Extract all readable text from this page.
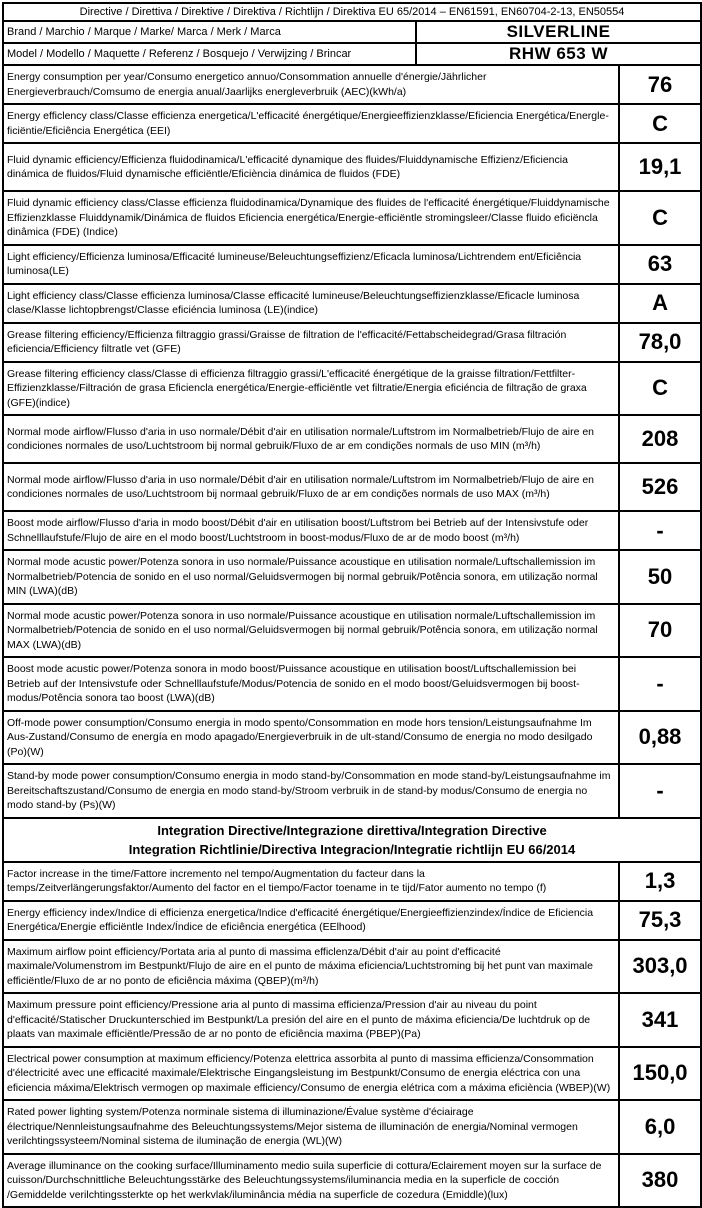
Directive / Direttiva / Direktive / Direktiva / Richtlijn / Direktiva EU 65/2014 – EN61591, EN60704-2-13, EN50554		
Brand / Marchio / Marque / Marke/ Marca / Merk / Marca	SILVERLINE	
Model / Modello / Maquette / Referenz / Bosquejo / Verwijzing / Brincar	RHW 653 W	
Energy consumption per year/Consumo energetico annuo/Consommation annuelle d'énergie/Jährlicher Energieverbrauch/Comsumo de energia anual/Jaarlijks energleverbruik (AEC)(kWh/a)		76
Energy efficlency class/Classe efficienza energetica/L'efficacité énergétique/Energieeffizienzklasse/Eficiencia Energética/Energle-ficiëntie/Eficiência Energética (EEI)		C
Fluid dynamic efficiency/Efficienza fluidodinamica/L'efficacité dynamique des fluides/Fluiddynamische Effizienz/Eficiencia dinámica de fluidos/Fluid dynamische efficiëntle/Eficiència dinámica de fluidos (FDE)		19,1
Fluid dynamic efficiency class/Classe efficienza fluidodinamica/Dynamique des fluides de l'efficacité énergétique/Fluiddynamische Effizienzklasse Fluiddynamik/Dinámica de fluidos Eficiencia energética/Energie-efficiëntle stromingsleer/Classe fluido eficiëncla dinâmica (FDE) (Indice)		C
Light efficiency/Efficienza luminosa/Efficacité lumineuse/Beleuchtungseffizienz/Eficacla luminosa/Lichtrendem ent/Eficiência luminosa(LE)		63
Light efficiency class/Classe efficienza luminosa/Classe efficacité lumineuse/Beleuchtungseffizienzklasse/Eficacle luminosa clase/Klasse lichtopbrengst/Classe eficiéncia luminosa (LE)(indice)		A
Grease filtering efficiency/Efficienza filtraggio grassi/Graisse de filtration de l'efficacité/Fettabscheidegrad/Grasa filtración eficiencia/Efficiency filtratle vet (GFE)		78,0
Grease filtering efficiency class/Classe di efficienza filtraggio grassi/L'efficacité énergétique de la graisse filtration/Fettfilter-Effizienzklasse/Filtración de grasa Eficiencla energética/Energie-efficiëntle vet filtratie/Energia eficiéncia de filtração de graxa (GFE)(indice)		C
Normal mode airflow/Flusso d'aria in uso normale/Débit d'air en utilisation normale/Luftstrom im Normalbetrieb/Flujo de aire en condiciones normales de uso/Luchtstroom bij normal gebruik/Fluxo de ar em condições normals de uso MIN (m³/h)		208
Normal mode airflow/Flusso d'aria in uso normale/Débit d'air en utilisation normale/Luftstrom im Normalbetrieb/Flujo de aire en condiciones normales de uso/Luchtstroom bij normaal gebruik/Fluxo de ar em condições normals de uso MAX (m³/h)		526
Boost mode airflow/Flusso d'aria in modo boost/Débit d'air en utilisation boost/Luftstrom bei Betrieb auf der Intensivstufe oder Schnelllaufstufe/Flujo de aire en el modo boost/Luchtstroom in boost-modus/Fluxo de ar de modo boost (m³/h)		-
Normal mode acustic power/Potenza sonora in uso normale/Puissance acoustique en utilisation normale/Luftschallemission im Normalbetrieb/Potencia de sonido en el uso normal/Geluidsvermogen bij normal gebruik/Potência sonora, em utilização normal MIN (LWA)(dB)		50
Normal mode acustic power/Potenza sonora in uso normale/Puissance acoustique en utilisation normale/Luftschallemission im Normalbetrieb/Potencia de sonido en el uso normal/Geluidsvermogen bij normal gebruik/Potência sonora, em utilização normal MAX (LWA)(dB)		70
Boost mode acustic power/Potenza sonora in modo boost/Puissance acoustique en utilisation boost/Luftschallemission bei Betrieb auf der Intensivstufe oder Schnelllaufstufe/Modus/Potencia de sonido en el modo boost/Geluidsvermogen bij boost-modus/Potência sonora tao boost (LWA)(dB)		-
Off-mode power consumption/Consumo energia in modo spento/Consommation en mode hors tension/Leistungsaufnahme Im Aus-Zustand/Consumo de energía en modo apagado/Energieverbruik in de ult-stand/Consumo de energia no modo desilgado (Po)(W)		0,88
Stand-by mode power consumption/Consumo energia in modo stand-by/Consommation en mode stand-by/Leistungsaufnahme im Bereitschaftszustand/Consumo de energia en modo stand-by/Stroom verbruik in de stand-by modus/Consumo de energia no modo stand-by (Ps)(W)		-

Integration Directive/Integrazione direttiva/Integration Directive
Integration Richtlinie/Directiva Integracion/Integratie richtlijn EU 66/2014		

Factor increase in the time/Fattore incremento nel tempo/Augmentation du facteur dans la temps/Zeitverlängerungsfaktor/Aumento del factor en el tiempo/Factor toename in te tijd/Fator aumento no tempo (f)		1,3
Energy efficiency index/Indice di efficienza energetica/Indice d'efficacité énergétique/Energieeffizienzindex/Índice de Eficiencia Energética/Energie efficiëntle Index/Índice de eficiência energética (EElhood)		75,3
Maximum airflow point efficiency/Portata aria al punto di massima efficlenza/Débit d'air au point d'efficacité maximale/Volumenstrom im Bestpunkt/Flujo de aire en el punto de máxima eficiencia/Luchtstroming bij het punt van maximale efficiëntle/Fluxo de ar no ponto de eficiência máxima (QBEP)(m³/h)		303,0
Maximum pressure point efficiency/Pressione aria al punto di massima efficienza/Pression d'air au niveau du point d'efficacité/Statischer Druckunterschied im Bestpunkt/La presión del aire en el punto de máxima eficiencia/De luchtdruk op de plaats van maximale efficiëntle/Pressão de ar no ponto de eficiência maxima (PBEP)(Pa)		341
Electrical power consumption at maximum efficiency/Potenza elettrica assorbita al punto di massima efficienza/Consommation d'électricité avec une efficacité maximale/Elektrische Eingangsleistung im Bestpunkt/Consumo de energia eléctrica con una eficiencia máxima/Elektrisch vermogen op maximale efficiency/Consumo de energia elétrica com a máxima eficiència (WBEP)(W)		150,0
Rated power lighting system/Potenza norminale sistema di illuminazione/Évalue système d'éciairage électrique/Nennleistungsaufnahme des Beleuchtungssystems/Mejor sistema de illuminación de energia/Nominal vermogen verilchtingssysteem/Nominal sistema de iluminação de energia (WL)(W)		6,0
Average illuminance on the cooking surface/Illuminamento medio suila superficie di cottura/Eclairement moyen sur la surface de cuisson/Durchschnittliche Beleuchtungsstärke des Beleuchtungssystems/iluminancia media en la superficle de cocción /Gemiddelde verilchtingssterkte op het werkvlak/iluminância média na superficle de cozedura (Emiddle)(lux)		380
